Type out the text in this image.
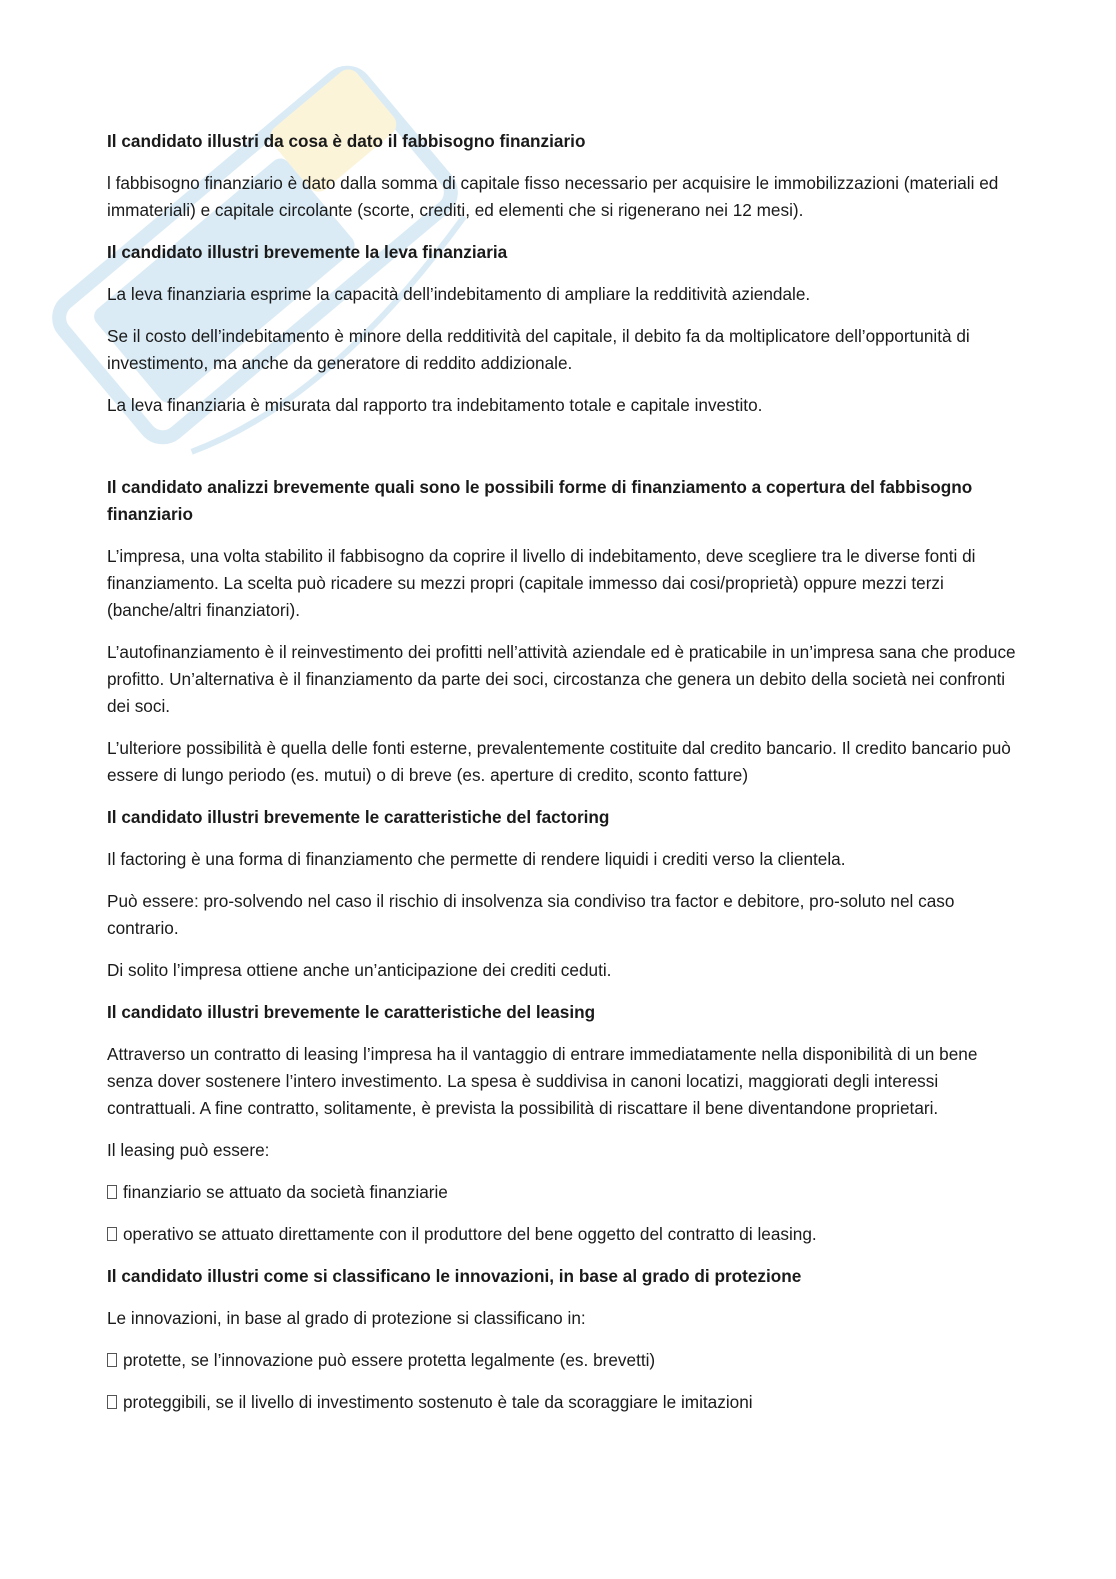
Il candidato illustri da cosa è dato il fabbisogno finanziario

l fabbisogno finanziario è dato dalla somma di capitale fisso necessario per acquisire le immobilizzazioni (materiali ed immateriali) e capitale circolante (scorte, crediti, ed elementi che si rigenerano nei 12 mesi).

Il candidato illustri brevemente la leva finanziaria

La leva finanziaria esprime la capacità dell’indebitamento di ampliare la redditività aziendale.

Se il costo dell’indebitamento è minore della redditività del capitale, il debito fa da moltiplicatore dell’opportunità di investimento, ma anche da generatore di reddito addizionale.

La leva finanziaria è misurata dal rapporto tra indebitamento totale e capitale investito.

Il candidato analizzi brevemente quali sono le possibili forme di finanziamento a copertura del fabbisogno finanziario

L’impresa, una volta stabilito il fabbisogno da coprire il livello di indebitamento, deve scegliere tra le diverse fonti di finanziamento. La scelta può ricadere su mezzi propri (capitale immesso dai cosi/proprietà) oppure mezzi terzi (banche/altri finanziatori).

L’autofinanziamento è il reinvestimento dei profitti nell’attività aziendale ed è praticabile in un’impresa sana che produce profitto. Un’alternativa è il finanziamento da parte dei soci, circostanza che genera un debito della società nei confronti dei soci.

L’ulteriore possibilità è quella delle fonti esterne, prevalentemente costituite dal credito bancario. Il credito bancario può essere di lungo periodo (es. mutui) o di breve (es. aperture di credito, sconto fatture)

Il candidato illustri brevemente le caratteristiche del factoring

Il factoring è una forma di finanziamento che permette di rendere liquidi i crediti verso la clientela.

Può essere: pro-solvendo nel caso il rischio di insolvenza sia condiviso tra factor e debitore, pro-soluto nel caso contrario.

Di solito l’impresa ottiene anche un’anticipazione dei crediti ceduti.

Il candidato illustri brevemente le caratteristiche del leasing

Attraverso un contratto di leasing l’impresa ha il vantaggio di entrare immediatamente nella disponibilità di un bene senza dover sostenere l’intero investimento. La spesa è suddivisa in canoni locatizi, maggiorati degli interessi contrattuali. A fine contratto, solitamente, è prevista la possibilità di riscattare il bene diventandone proprietari.

Il leasing può essere:

finanziario se attuato da società finanziarie

operativo se attuato direttamente con il produttore del bene oggetto del contratto di leasing.

Il candidato illustri come si classificano le innovazioni, in base al grado di protezione

Le innovazioni, in base al grado di protezione si classificano in:

protette, se l’innovazione può essere protetta legalmente (es. brevetti)

proteggibili, se il livello di investimento sostenuto è tale da scoraggiare le imitazioni
